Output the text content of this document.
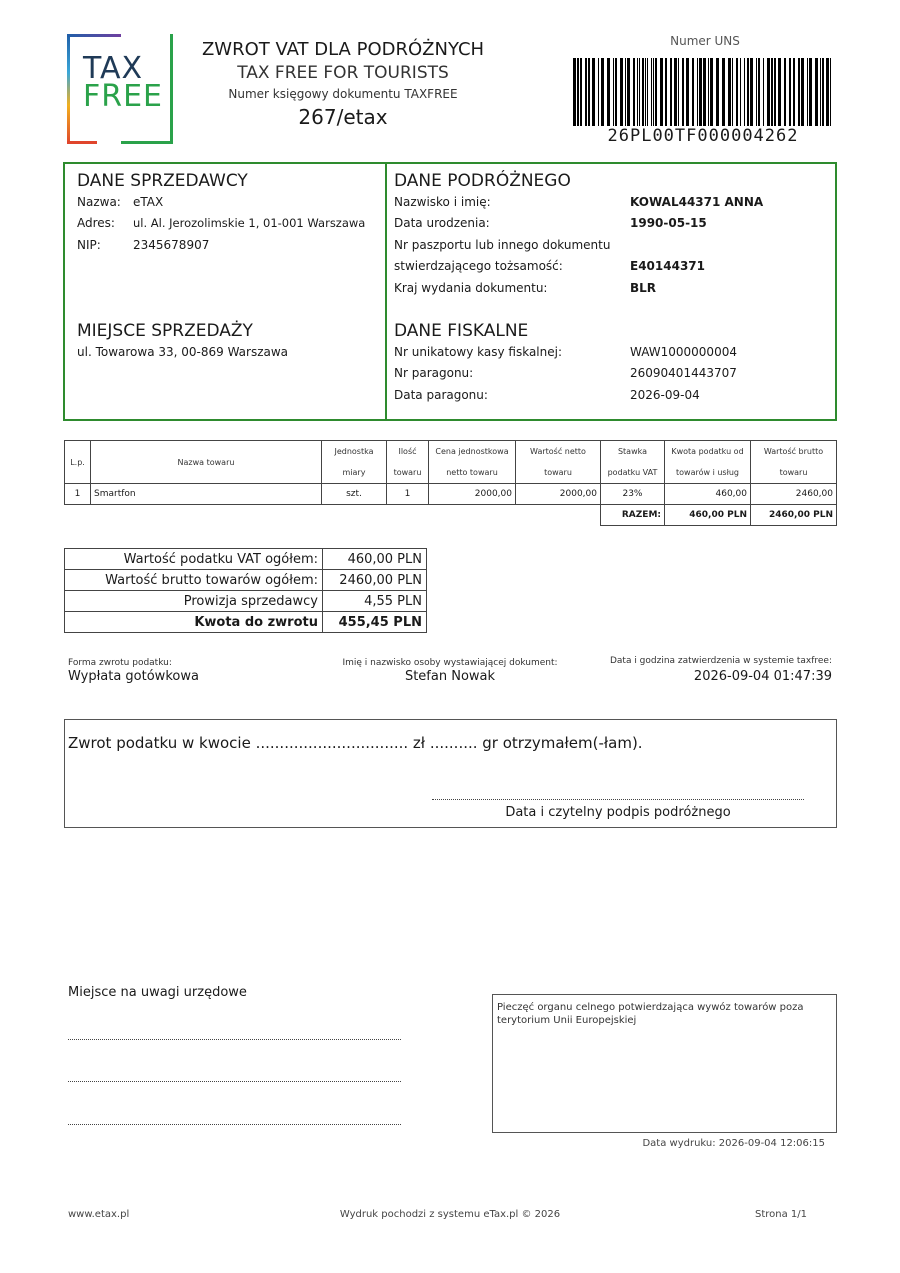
TAX
FREE
ZWROT VAT DLA PODRÓŻNYCH
TAX FREE FOR TOURISTS
Numer księgowy dokumentu TAXFREE
267/etax
Numer UNS
26PL00TF000004262
DANE SPRZEDAWCY
Nazwa: eTAX
Adres: ul. Al. Jerozolimskie 1, 01-001 Warszawa
NIP:	2345678907
MIEJSCE SPRZEDAŻY
ul. Towarowa 33, 00-869 Warszawa
DANE PODRÓŻNEGO
Nazwisko i imię:	KOWAL44371 ANNA
Data urodzenia:	1990-05-15
Nr paszportu lub innego dokumentu
stwierdzającego tożsamość:	E40144371
Kraj wydania dokumentu:	BLR
DANE FISKALNE
Nr unikatowy kasy fiskalnej:	WAW1000000004
Nr paragonu:	26090401443707
Data paragonu:	2026-09-04
L.p.	Nazwa towaru	Jednostka miary	Ilość towaru	Cena jednostkowa netto towaru	Wartość netto towaru	Stawka podatku VAT	Kwota podatku od towarów i usług	Wartość brutto towaru
1	Smartfon	szt.	1	2000,00	2000,00	23%	460,00	2460,00
						RAZEM:	460,00 PLN	2460,00 PLN
Wartość podatku VAT ogółem:	460,00 PLN
Wartość brutto towarów ogółem:	2460,00 PLN
Prowizja sprzedawcy	4,55 PLN
Kwota do zwrotu	455,45 PLN
Forma zwrotu podatku:
Wypłata gotówkowa
Imię i nazwisko osoby wystawiającej dokument:
Stefan Nowak
Data i godzina zatwierdzenia w systemie taxfree:
2026-09-04 01:47:39
Zwrot podatku w kwocie ................................ zł .......... gr otrzymałem(-łam).
Data i czytelny podpis podróżnego
Miejsce na uwagi urzędowe
Pieczęć organu celnego potwierdzająca wywóz towarów poza terytorium Unii Europejskiej
Data wydruku: 2026-09-04 12:06:15
www.etax.pl	Wydruk pochodzi z systemu eTax.pl © 2026	Strona 1/1
